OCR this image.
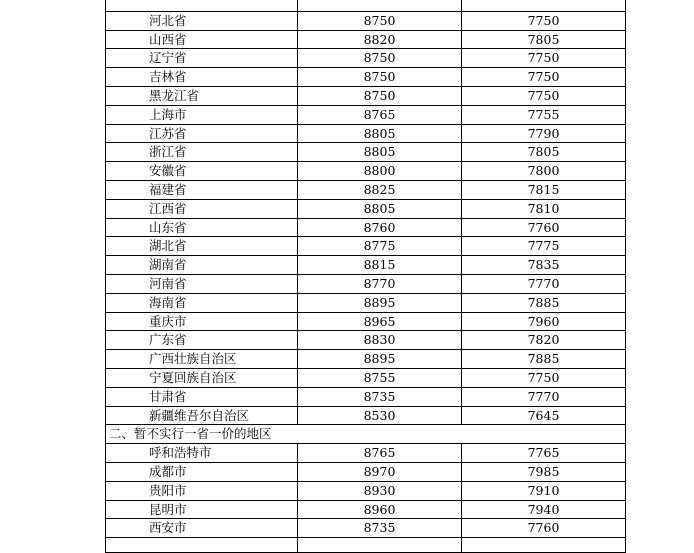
河北省	8750	7750
山西省	8820	7805
辽宁省	8750	7750
吉林省	8750	7750
黑龙江省	8750	7750
上海市	8765	7755
江苏省	8805	7790
浙江省	8805	7805
安徽省	8800	7800
福建省	8825	7815
江西省	8805	7810
山东省	8760	7760
湖北省	8775	7775
湖南省	8815	7835
河南省	8770	7770
海南省	8895	7885
重庆市	8965	7960
广东省	8830	7820
广西壮族自治区	8895	7885
宁夏回族自治区	8755	7750
甘肃省	8735	7770
新疆维吾尔自治区	8530	7645
二、暂不实行一省一价的地区		
呼和浩特市	8765	7765
成都市	8970	7985
贵阳市	8930	7910
昆明市	8960	7940
西安市	8735	7760
